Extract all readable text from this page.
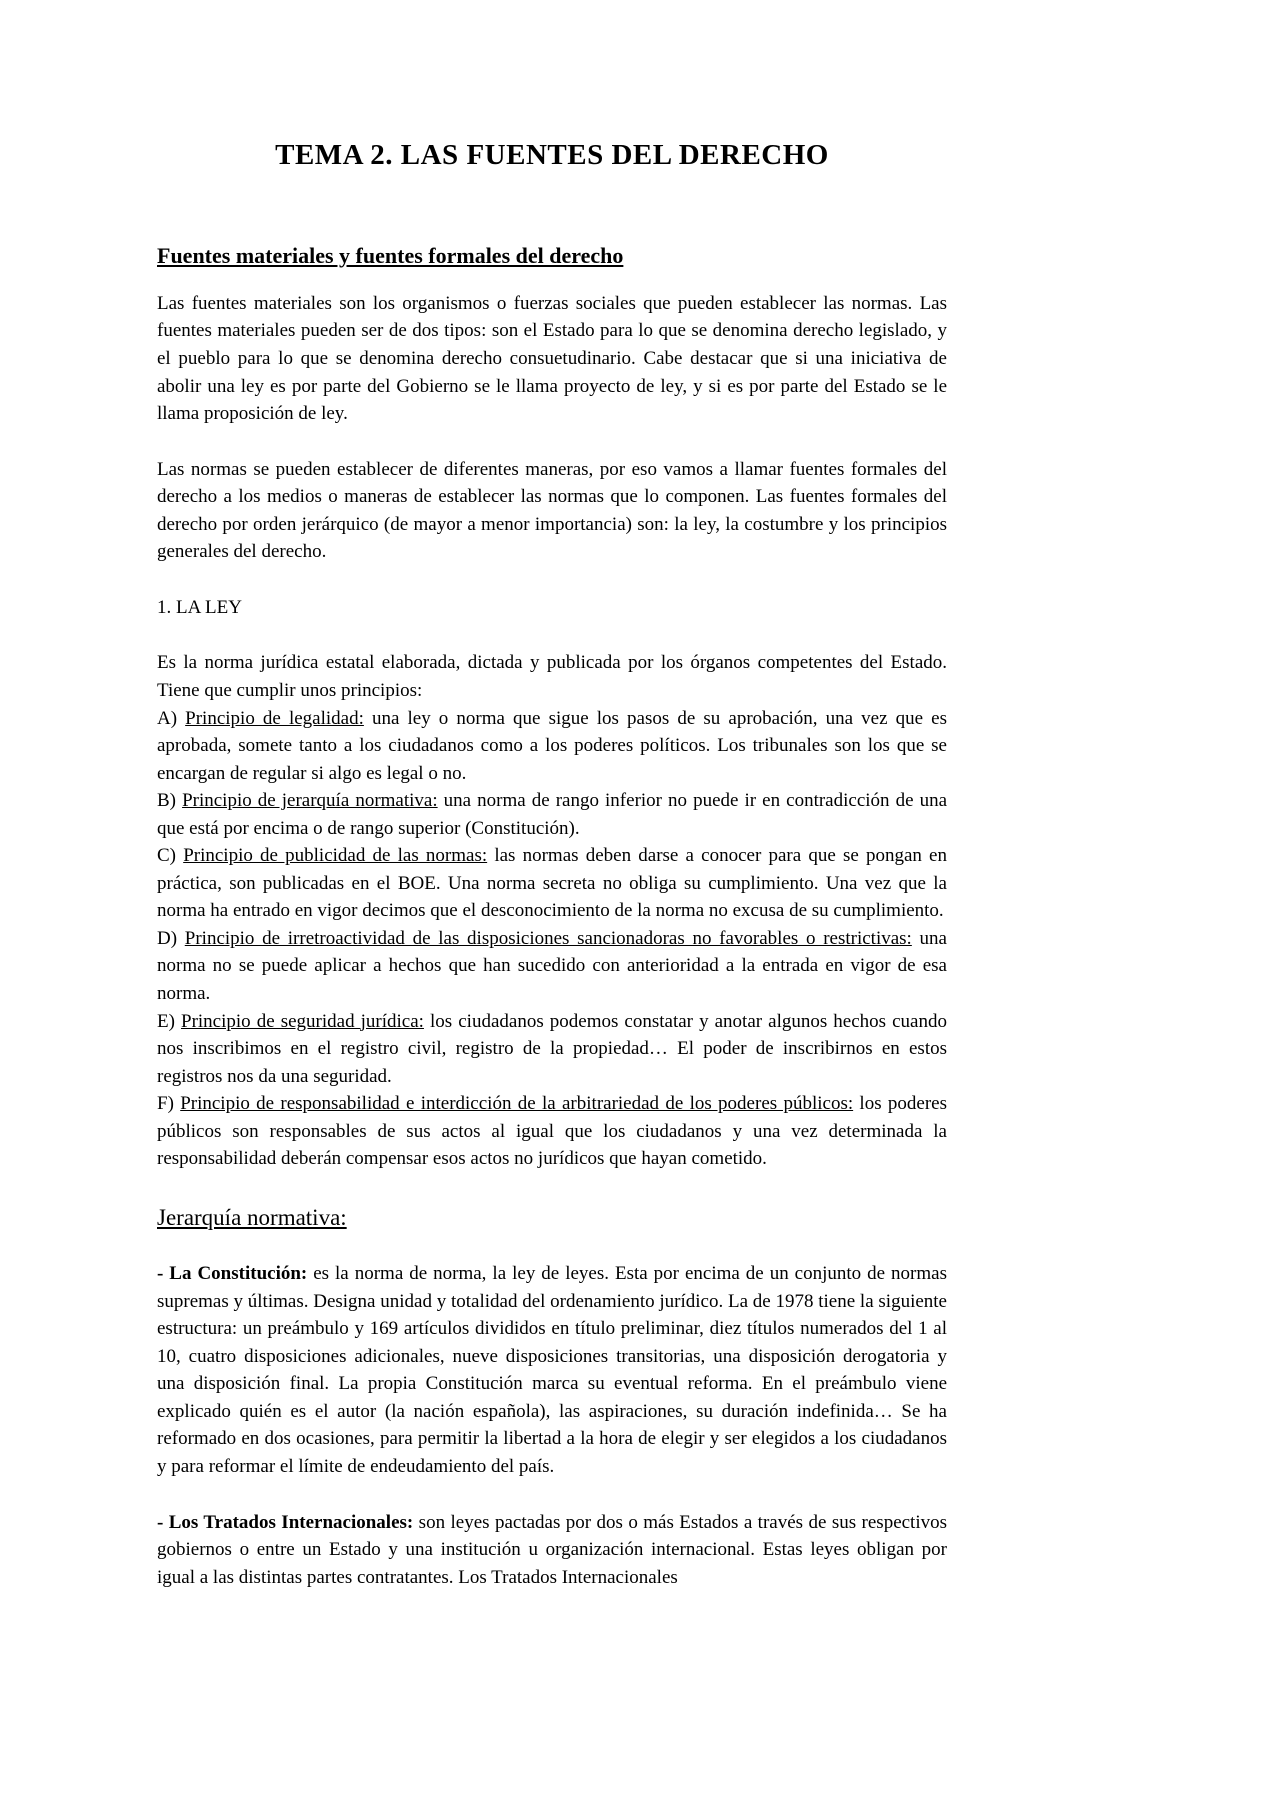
TEMA 2. LAS FUENTES DEL DERECHO
Fuentes materiales y fuentes formales del derecho

Las fuentes materiales son los organismos o fuerzas sociales que pueden establecer las normas. Las fuentes materiales pueden ser de dos tipos: son el Estado para lo que se denomina derecho legislado, y el pueblo para lo que se denomina derecho consuetudinario. Cabe destacar que si una iniciativa de abolir una ley es por parte del Gobierno se le llama proyecto de ley, y si es por parte del Estado se le llama proposición de ley.

Las normas se pueden establecer de diferentes maneras, por eso vamos a llamar fuentes formales del derecho a los medios o maneras de establecer las normas que lo componen. Las fuentes formales del derecho por orden jerárquico (de mayor a menor importancia) son: la ley, la costumbre y los principios generales del derecho.

1. LA LEY

Es la norma jurídica estatal elaborada, dictada y publicada por los órganos competentes del Estado. Tiene que cumplir unos principios:
A) Principio de legalidad: una ley o norma que sigue los pasos de su aprobación, una vez que es aprobada, somete tanto a los ciudadanos como a los poderes políticos. Los tribunales son los que se encargan de regular si algo es legal o no.
B) Principio de jerarquía normativa: una norma de rango inferior no puede ir en contradicción de una que está por encima o de rango superior (Constitución).
C) Principio de publicidad de las normas: las normas deben darse a conocer para que se pongan en práctica, son publicadas en el BOE. Una norma secreta no obliga su cumplimiento. Una vez que la norma ha entrado en vigor decimos que el desconocimiento de la norma no excusa de su cumplimiento.
D) Principio de irretroactividad de las disposiciones sancionadoras no favorables o restrictivas: una norma no se puede aplicar a hechos que han sucedido con anterioridad a la entrada en vigor de esa norma.
E) Principio de seguridad jurídica: los ciudadanos podemos constatar y anotar algunos hechos cuando nos inscribimos en el registro civil, registro de la propiedad… El poder de inscribirnos en estos registros nos da una seguridad.
F) Principio de responsabilidad e interdicción de la arbitrariedad de los poderes públicos: los poderes públicos son responsables de sus actos al igual que los ciudadanos y una vez determinada la responsabilidad deberán compensar esos actos no jurídicos que hayan cometido.
Jerarquía normativa:

- La Constitución: es la norma de norma, la ley de leyes. Esta por encima de un conjunto de normas supremas y últimas. Designa unidad y totalidad del ordenamiento jurídico. La de 1978 tiene la siguiente estructura: un preámbulo y 169 artículos divididos en título preliminar, diez títulos numerados del 1 al 10, cuatro disposiciones adicionales, nueve disposiciones transitorias, una disposición derogatoria y una disposición final. La propia Constitución marca su eventual reforma. En el preámbulo viene explicado quién es el autor (la nación española), las aspiraciones, su duración indefinida… Se ha reformado en dos ocasiones, para permitir la libertad a la hora de elegir y ser elegidos a los ciudadanos y para reformar el límite de endeudamiento del país.

- Los Tratados Internacionales: son leyes pactadas por dos o más Estados a través de sus respectivos gobiernos o entre un Estado y una institución u organización internacional. Estas leyes obligan por igual a las distintas partes contratantes. Los Tratados Internacionales
